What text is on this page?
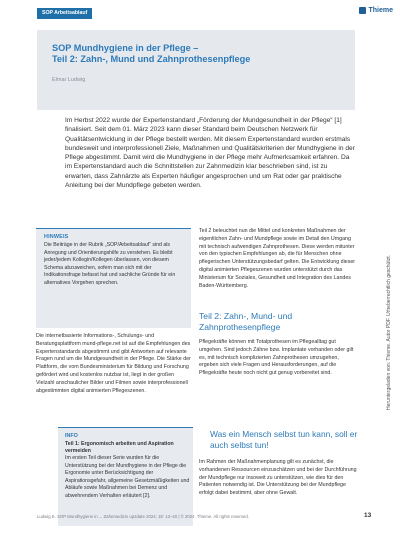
SOP Arbeitsablauf	Thieme
SOP Mundhygiene in der Pflege –
Teil 2: Zahn-, Mund und Zahnprothesenpflege
Elmar Ludwig

Im Herbst 2022 wurde der Expertenstandard „Förderung der Mundgesundheit in der Pflege“ [1] finalisiert. Seit dem 01. März 2023 kann dieser Standard beim Deutschen Netzwerk für Qualitätsentwicklung in der Pflege bestellt werden. Mit diesem Expertenstandard wurden erstmals bundesweit und interprofessionell Ziele, Maßnahmen und Qualitätskriterien der Mundhygiene in der Pflege abgestimmt. Damit wird die Mundhygiene in der Pflege mehr Aufmerksamkeit erfahren. Da im Expertenstandard auch die Schnittstellen zur Zahnmedizin klar beschrieben sind, ist zu erwarten, dass Zahnärzte als Experten häufiger angesprochen und um Rat oder gar praktische Anleitung bei der Mundpflege gebeten werden.

HINWEIS

Die Beiträge in der Rubrik „SOP/Arbeitsablauf“ sind als Anregung und Orientierungshilfe zu verstehen. Es bleibt jeder/jedem Kollegin/Kollegen überlassen, von diesem Schema abzuweichen, sofern man sich mit der Indikationsfrage befasst hat und sachliche Gründe für ein alternatives Vorgehen sprechen.

Die internetbasierte Informations-, Schulungs- und Beratungsplattform mund-pflege.net ist auf die Empfehlungen des Expertenstandards abgestimmt und gibt Antworten auf relevante Fragen rund um die Mundgesundheit in der Pflege. Die Stärke der Plattform, die vom Bundesministerium für Bildung und Forschung gefördert wird und kostenlos nutzbar ist, liegt in der großen Vielzahl anschaulicher Bilder und Filmen sowie interprofessionell abgestimmten digital animierten Pflegeszenen.

INFO
Teil 1: Ergonomisch arbeiten und Aspiration vermeiden

Im ersten Teil dieser Serie wurden für die Unterstützung bei der Mundhygiene in der Pflege die Ergonomie unter Berücksichtigung der Aspirationsgefahr, allgemeine Gesetzmäßigkeiten und Abläufe sowie Maßnahmen bei Demenz und abwehrendem Verhalten erläutert [2].

Teil 2 beleuchtet nun die Mittel und konkreten Maßnahmen der eigentlichen Zahn- und Mundpflege sowie im Detail den Umgang mit technisch aufwendigen Zahnprothesen. Diese werden mitunter von den typischen Empfehlungen ab, die für Menschen ohne pflegerischen Unterstützungsbedarf gelten. Die Entwicklung dieser digital animierten Pflegeszenen wurden unterstützt durch das Ministerium für Soziales, Gesundheit und Integration des Landes Baden-Württemberg.

Teil 2: Zahn-, Mund- und Zahnprothesenpflege

Pflegekräfte können mit Totalprothesen im Pflegealltag gut umgehen. Sind jedoch Zähne bzw. Implantate vorhanden oder gilt es, mit technisch komplizierten Zahnprothesen umzugehen, ergeben sich viele Fragen und Herausforderungen, auf die Pflegekräfte heute noch nicht gut genug vorbereitet sind.

Was ein Mensch selbst tun kann, soll er auch selbst tun!

Im Rahmen der Maßnahmenplanung gilt es zunächst, die vorhandenen Ressourcen einzuschätzen und bei der Durchführung der Mundpflege nur insoweit zu unterstützen, wie dies für den Patienten notwendig ist. Die Unterstützung bei der Mundpflege erfolgt dabei bestimmt, aber ohne Gewalt.

Ludwig E. SOP Mundhygiene in ... Zahnmedizin up2date 2024; 18: 13–20 | © 2024. Thieme. All rights reserved.	13
Heruntergeladen von: Thieme. Autor PDF. Urheberrechtlich geschützt.
